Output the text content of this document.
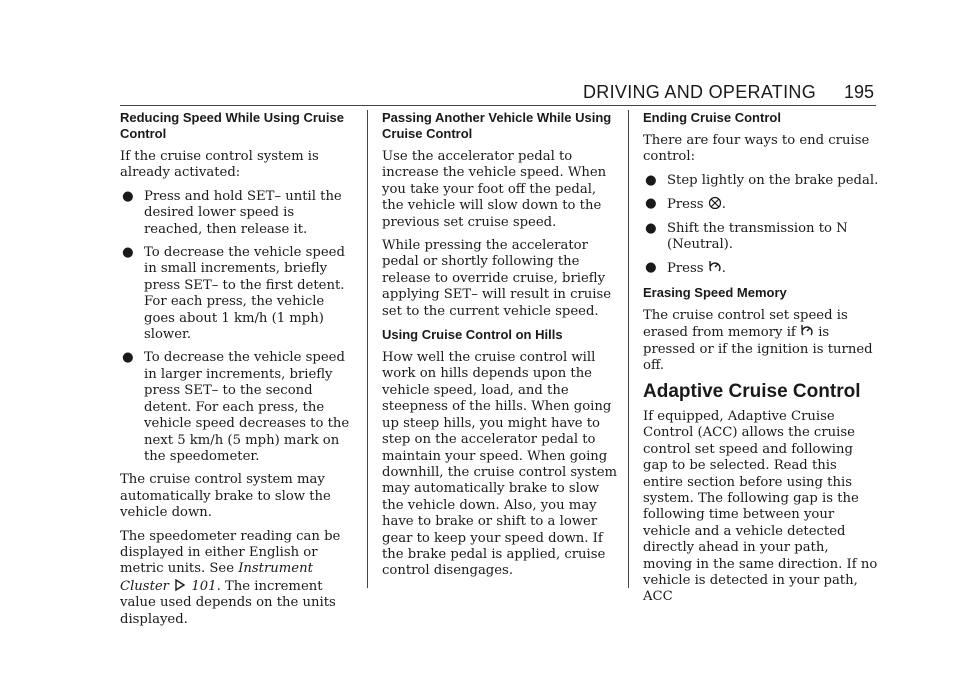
DRIVING AND OPERATING 195
Reducing Speed While Using Cruise Control

If the cruise control system is already activated:

● Press and hold SET– until the desired lower speed is reached, then release it.
● To decrease the vehicle speed in small increments, briefly press SET– to the first detent. For each press, the vehicle goes about 1 km/h (1 mph) slower.
● To decrease the vehicle speed in larger increments, briefly press SET– to the second detent. For each press, the vehicle speed decreases to the next 5 km/h (5 mph) mark on the speedometer.

The cruise control system may automatically brake to slow the vehicle down.

The speedometer reading can be displayed in either English or metric units. See Instrument Cluster 101. The increment value used depends on the units displayed.

Passing Another Vehicle While Using Cruise Control

Use the accelerator pedal to increase the vehicle speed. When you take your foot off the pedal, the vehicle will slow down to the previous set cruise speed.

While pressing the accelerator pedal or shortly following the release to override cruise, briefly applying SET– will result in cruise set to the current vehicle speed.

Using Cruise Control on Hills

How well the cruise control will work on hills depends upon the vehicle speed, load, and the steepness of the hills. When going up steep hills, you might have to step on the accelerator pedal to maintain your speed. When going downhill, the cruise control system may automatically brake to slow the vehicle down. Also, you may have to brake or shift to a lower gear to keep your speed down. If the brake pedal is applied, cruise control disengages.

Ending Cruise Control

There are four ways to end cruise control:

● Step lightly on the brake pedal.
● Press .
● Shift the transmission to N (Neutral).
● Press .
Erasing Speed Memory

The cruise control set speed is erased from memory if is pressed or if the ignition is turned off.

Adaptive Cruise Control

If equipped, Adaptive Cruise Control (ACC) allows the cruise control set speed and following gap to be selected. Read this entire section before using this system. The following gap is the following time between your vehicle and a vehicle detected directly ahead in your path, moving in the same direction. If no vehicle is detected in your path, ACC
